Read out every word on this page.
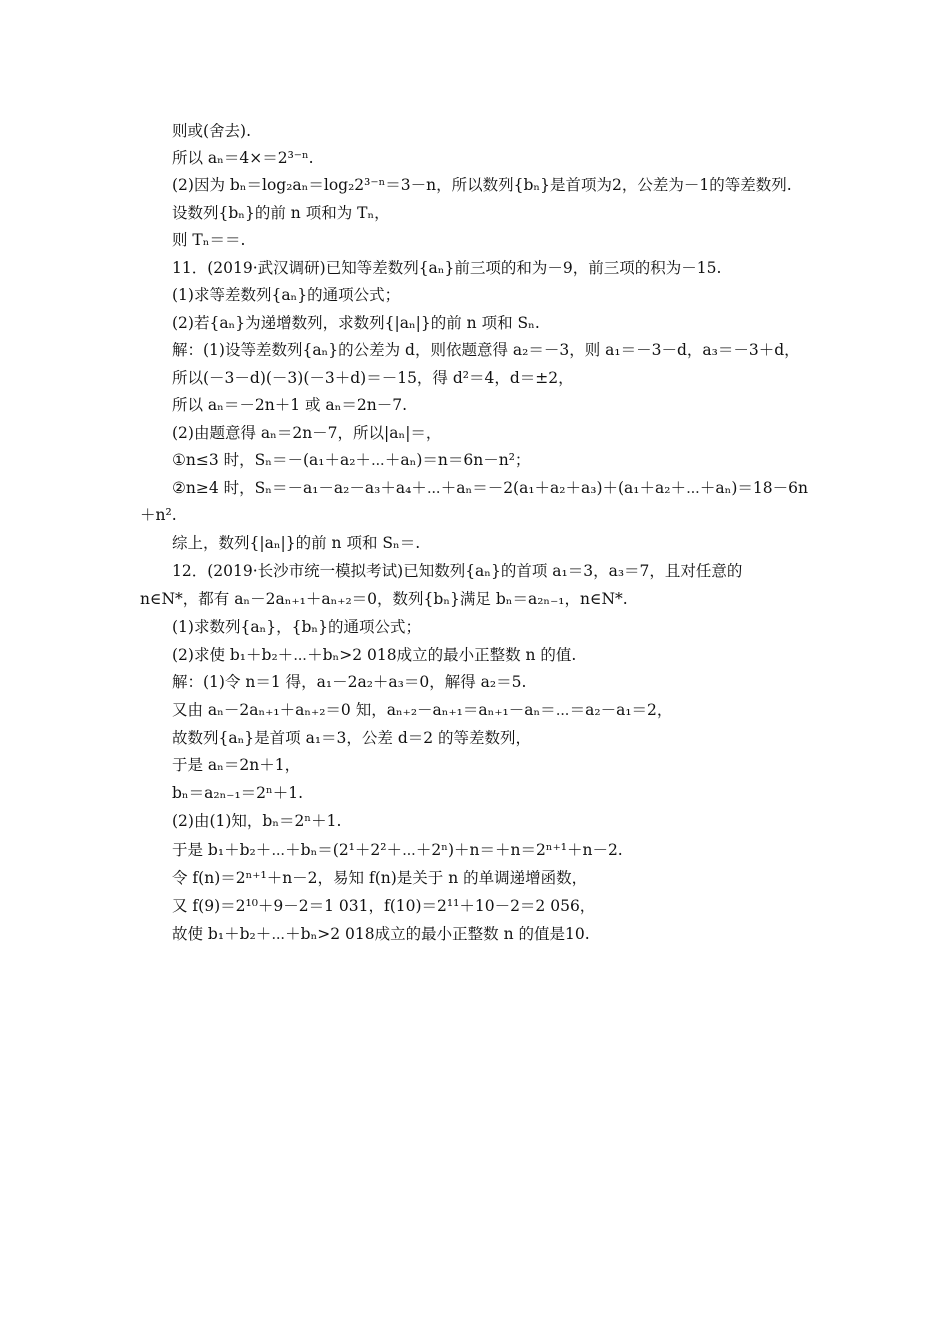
则或(舍去).
所以 aₙ＝4×＝2³⁻ⁿ.
(2)因为 bₙ＝log₂aₙ＝log₂2³⁻ⁿ＝3－n，所以数列{bₙ}是首项为2，公差为－1的等差数列.
设数列{bₙ}的前 n 项和为 Tₙ，
则 Tₙ＝＝.
11．(2019·武汉调研)已知等差数列{aₙ}前三项的和为－9，前三项的积为－15.
(1)求等差数列{aₙ}的通项公式；
(2)若{aₙ}为递增数列，求数列{|aₙ|}的前 n 项和 Sₙ.
解：(1)设等差数列{aₙ}的公差为 d，则依题意得 a₂＝－3，则 a₁＝－3－d，a₃＝－3＋d，
所以(－3－d)(－3)(－3＋d)＝－15，得 d²＝4，d＝±2，
所以 aₙ＝－2n＋1 或 aₙ＝2n－7.
(2)由题意得 aₙ＝2n－7，所以|aₙ|＝，
①n≤3 时，Sₙ＝－(a₁＋a₂＋⋯＋aₙ)＝n＝6n－n²；
②n≥4 时，Sₙ＝－a₁－a₂－a₃＋a₄＋⋯＋aₙ＝－2(a₁＋a₂＋a₃)＋(a₁＋a₂＋⋯＋aₙ)＝18－6n
＋n².
综上，数列{|aₙ|}的前 n 项和 Sₙ＝.
12．(2019·长沙市统一模拟考试)已知数列{aₙ}的首项 a₁＝3，a₃＝7，且对任意的
n∈N*，都有 aₙ－2aₙ₊₁＋aₙ₊₂＝0，数列{bₙ}满足 bₙ＝a₂ₙ₋₁，n∈N*.
(1)求数列{aₙ}，{bₙ}的通项公式；
(2)求使 b₁＋b₂＋⋯＋bₙ>2 018成立的最小正整数 n 的值.
解：(1)令 n＝1 得，a₁－2a₂＋a₃＝0，解得 a₂＝5.
又由 aₙ－2aₙ₊₁＋aₙ₊₂＝0 知，aₙ₊₂－aₙ₊₁＝aₙ₊₁－aₙ＝⋯＝a₂－a₁＝2，
故数列{aₙ}是首项 a₁＝3，公差 d＝2 的等差数列，
于是 aₙ＝2n＋1，
bₙ＝a₂ₙ₋₁＝2ⁿ＋1.
(2)由(1)知，bₙ＝2ⁿ＋1.
于是 b₁＋b₂＋⋯＋bₙ＝(2¹＋2²＋⋯＋2ⁿ)＋n＝＋n＝2ⁿ⁺¹＋n－2.
令 f(n)＝2ⁿ⁺¹＋n－2，易知 f(n)是关于 n 的单调递增函数，
又 f(9)＝2¹⁰＋9－2＝1 031，f(10)＝2¹¹＋10－2＝2 056，
故使 b₁＋b₂＋⋯＋bₙ>2 018成立的最小正整数 n 的值是10.
